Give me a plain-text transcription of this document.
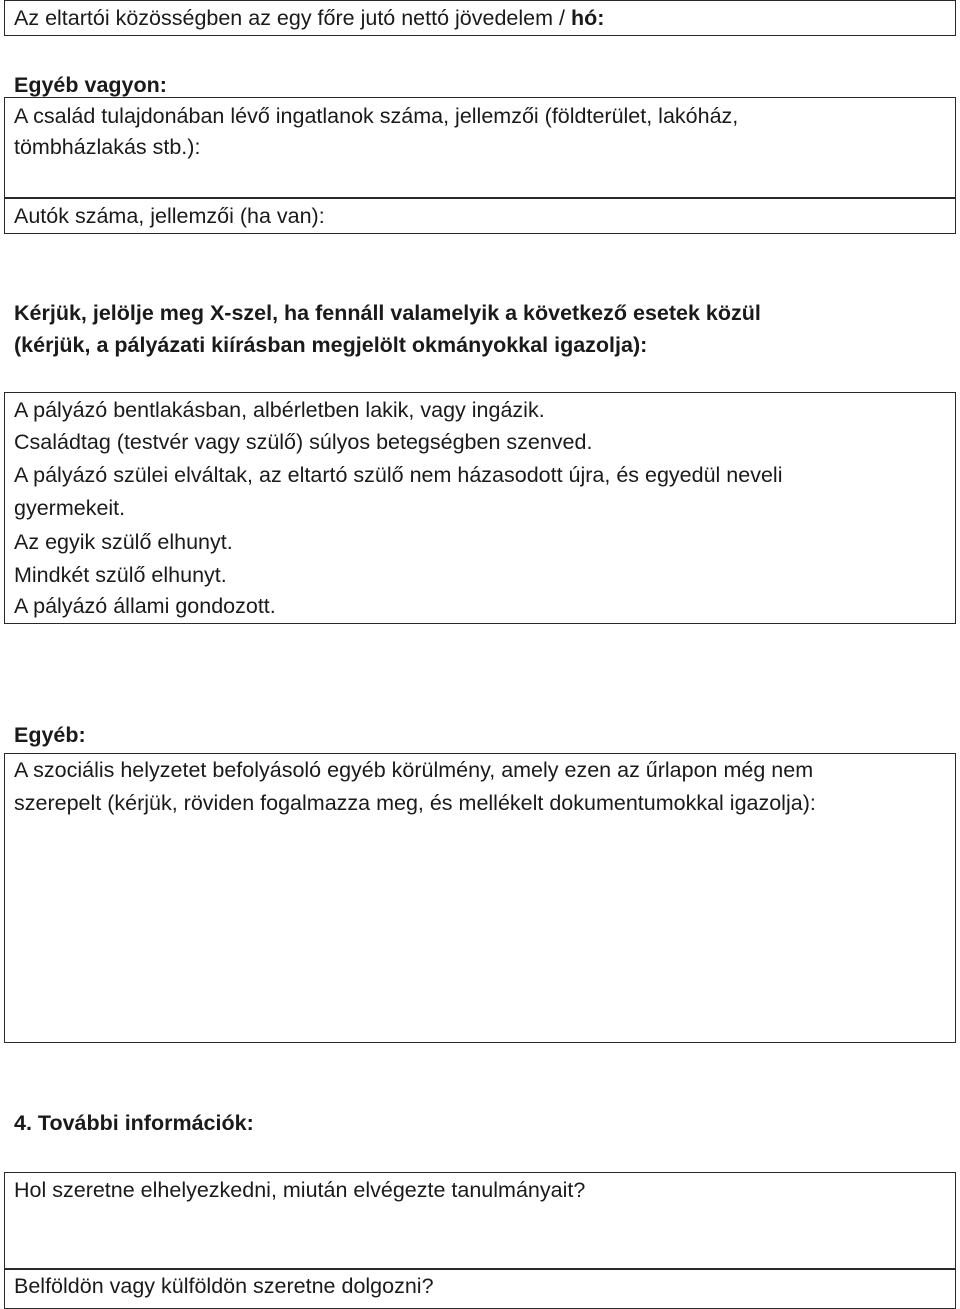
Az eltartói közösségben az egy főre jutó nettó jövedelem / hó:

Egyéb vagyon:

A család tulajdonában lévő ingatlanok száma, jellemzői (földterület, lakóház,

tömbházlakás stb.):

Autók száma, jellemzői (ha van):

Kérjük, jelölje meg X-szel, ha fennáll valamelyik a következő esetek közül

(kérjük, a pályázati kiírásban megjelölt okmányokkal igazolja):

A pályázó bentlakásban, albérletben lakik, vagy ingázik.

Családtag (testvér vagy szülő) súlyos betegségben szenved.

A pályázó szülei elváltak, az eltartó szülő nem házasodott újra, és egyedül neveli

gyermekeit.

Az egyik szülő elhunyt.

Mindkét szülő elhunyt.

A pályázó állami gondozott.

Egyéb:

A szociális helyzetet befolyásoló egyéb körülmény, amely ezen az űrlapon még nem

szerepelt (kérjük, röviden fogalmazza meg, és mellékelt dokumentumokkal igazolja):

4. További információk:

Hol szeretne elhelyezkedni, miután elvégezte tanulmányait?

Belföldön vagy külföldön szeretne dolgozni?
